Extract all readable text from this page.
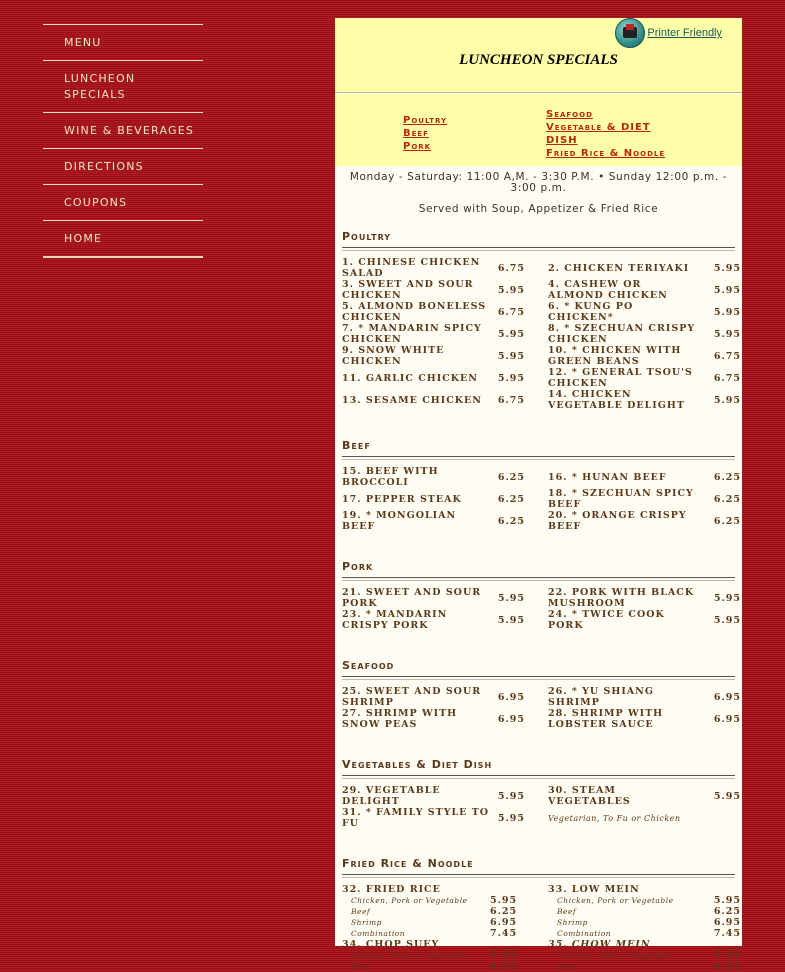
MENU
LUNCHEON SPECIALS
WINE & BEVERAGES
DIRECTIONS
COUPONS
HOME
Printer Friendly
LUNCHEON SPECIALS
Poultry
Beef
Pork
Seafood
Vegetable & DIET DISH
Fried Rice & Noodle
Monday - Saturday: 11:00 A,M. - 3:30 P.M. • Sunday 12:00 p.m. - 3:00 p.m.
Served with Soup, Appetizer & Fried Rice
Poultry
1. CHINESE CHICKEN SALAD	6.75	2. CHICKEN TERIYAKI	5.95
3. SWEET AND SOUR CHICKEN	5.95	4. CASHEW OR ALMOND CHICKEN	5.95
5. ALMOND BONELESS CHICKEN	6.75	6. * KUNG PO CHICKEN*	5.95
7. * MANDARIN SPICY CHICKEN	5.95	8. * SZECHUAN CRISPY CHICKEN	5.95
9. SNOW WHITE CHICKEN	5.95	10. * CHICKEN WITH GREEN BEANS	6.75
11. GARLIC CHICKEN	5.95	12. * GENERAL TSOU'S CHICKEN	6.75
13. SESAME CHICKEN	6.75	14. CHICKEN VEGETABLE DELIGHT	5.95
Beef
15. BEEF WITH BROCCOLI	6.25	16. * HUNAN BEEF	6.25
17. PEPPER STEAK	6.25	18. * SZECHUAN SPICY BEEF	6.25
19. * MONGOLIAN BEEF	6.25	20. * ORANGE CRISPY BEEF	6.25
Pork
21. SWEET AND SOUR PORK	5.95	22. PORK WITH BLACK MUSHROOM	5.95
23. * MANDARIN CRISPY PORK	5.95	24. * TWICE COOK PORK	5.95
Seafood
25. SWEET AND SOUR SHRIMP	6.95	26. * YU SHIANG SHRIMP	6.95
27. SHRIMP WITH SNOW PEAS	6.95	28. SHRIMP WITH LOBSTER SAUCE	6.95
Vegetables & Diet Dish
29. VEGETABLE DELIGHT	5.95	30. STEAM VEGETABLES	5.95
31. * FAMILY STYLE TO FU	5.95	Vegetarian, To Fu or Chicken
Fried Rice & Noodle
32. FRIED RICE	33. LOW MEIN
Chicken, Pork or Vegetable	5.95	Chicken, Pork or Vegetable	5.95
Beef	6.25	Beef	6.25
Shrimp	6.95	Shrimp	6.95
Combination	7.45	Combination	7.45
34. CHOP SUEY	35. CHOW MEIN
Chicken, Pork or Vegetable	5.95	Chicken, Pork or Vegetable	5.95
Beef	6.25	Beef	6.25
